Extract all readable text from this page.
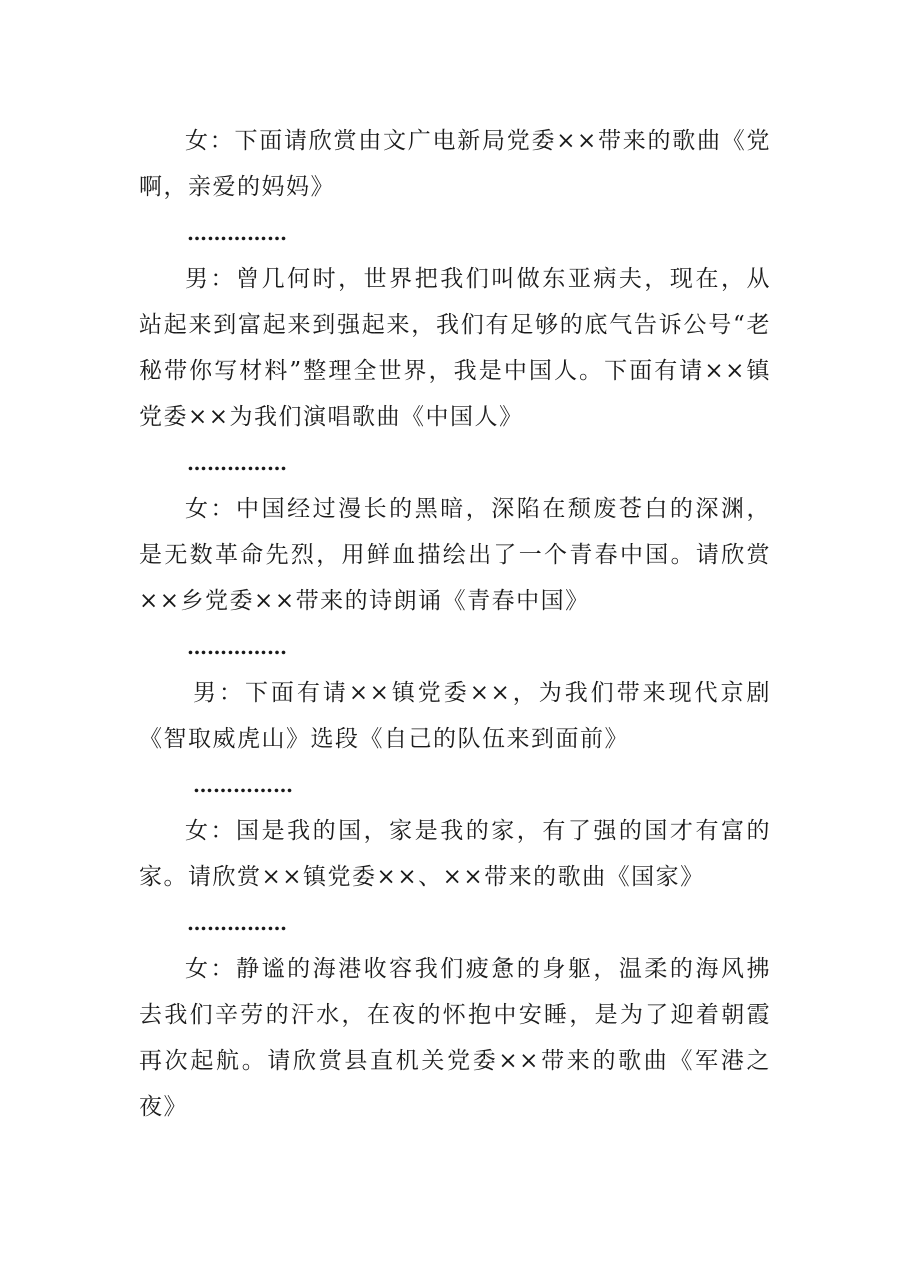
女：下面请欣赏由文广电新局党委××带来的歌曲《党啊，亲爱的妈妈》

……………

男：曾几何时，世界把我们叫做东亚病夫，现在，从站起来到富起来到强起来，我们有足够的底气告诉公号“老秘带你写材料”整理全世界，我是中国人。下面有请××镇党委××为我们演唱歌曲《中国人》

……………

女：中国经过漫长的黑暗，深陷在颓废苍白的深渊，是无数革命先烈，用鲜血描绘出了一个青春中国。请欣赏××乡党委××带来的诗朗诵《青春中国》

……………

男：下面有请××镇党委××，为我们带来现代京剧《智取威虎山》选段《自己的队伍来到面前》

……………

女：国是我的国，家是我的家，有了强的国才有富的家。请欣赏××镇党委××、××带来的歌曲《国家》

……………

女：静谧的海港收容我们疲惫的身躯，温柔的海风拂去我们辛劳的汗水，在夜的怀抱中安睡，是为了迎着朝霞再次起航。请欣赏县直机关党委××带来的歌曲《军港之夜》
